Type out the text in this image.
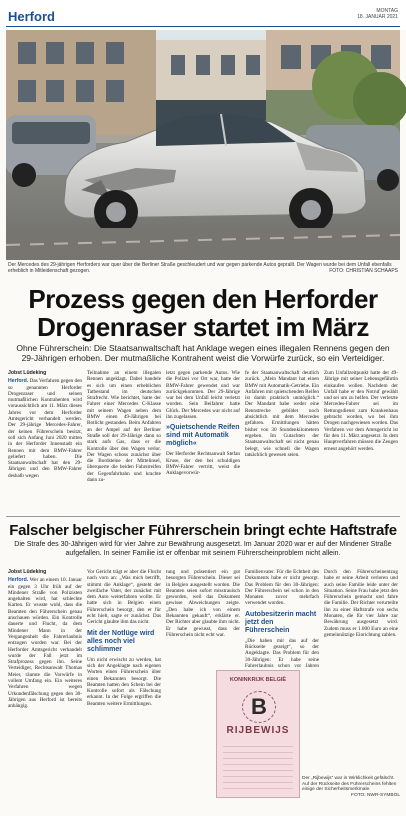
Herford	MONTAG
18. JANUAR 2021
Der Mercedes des 29-jährigen Herforders war quer über die Berliner Straße geschleudert und war gegen parkende Autos geprallt. Der Wagen wurde bei dem Unfall ebenfalls erheblich in Mitleidenschaft gezogen.	FOTO: CHRISTIAN SCHAAPS
Prozess gegen den Herforder Drogenraser startet im März

Ohne Führerschein: Die Staatsanwaltschaft hat Anklage wegen eines illegalen Rennens gegen den 29-Jährigen erhoben. Der mutmaßliche Kontrahent weist die Vorwürfe zurück, so ein Verteidiger.

Jobst Lüdeking
Herford. Das Verfahren gegen den so genannten Herforder Drogenraser und seinen mutmaßlichen Kontrahenten wird voraussichtlich am 11. März dieses Jahres vor dem Herforder Amtsgericht verhandelt werden. Der 29-jährige Mercedes-Fahrer, der keinen Führerschein besitzt, soll sich Anfang Juni 2020 mitten in der Herforder Innenstadt ein Rennen mit dem BMW-Fahrer geliefert haben. Die Staatsanwaltschaft hat den 29-Jährigen und den BMW-Fahrer deshalb wegen
Teilnahme an einem illegalen Rennen angeklagt. Dabei handele es sich um einen erheblichen Tatbestand im deutschen Strafrecht. Wie berichtet, hatte der Fahrer einer Mercedes C-Klasse mit seinem Wagen neben dem BMW einen 49-Jährigen bei Rotlicht gestanden. Beim Anfahren an der Ampel auf der Berliner Straße soll der 29-Jährige dann so stark aufs Gas, dass er die Kontrolle über den Wagen verlor. Der Wagen schoss zunächst über die Bordsteine der Mittelinsel, überquerte die beiden Fahrstreifen der Gegenfahrbahn und krachte dann zu-
letzt gegen parkende Autos. Wie die Polizei vor Ort war, hatte der BMW-Fahrer gewendet und war zurückgekommen. Der 29-Jährige war bei dem Unfall leicht verletzt worden. Sein Beifahrer hatte Glück. Der Mercedes war nicht auf ihn zugelassen.
»Quietschende Reifen sind mit Automatik möglich«
Der Herforder Rechtsanwalt Stefan Kruse, der den bei schuldigen BMW-Fahrer vertritt, weist die Anklagevorwür-
fe der Staatsanwaltschaft deutlich zurück. „Mein Mandant hat einen BMW mit Automatik-Getriebe. Ein Anfahren mit quietschenden Reifen ist damit praktisch unmöglich.“ Der Mandant habe weder eine Rennstrecke gebildet noch absichtlich mit dem Mercedes gefahren. Ermittlungen hätten bisher von 30 Stundenkilometern ergeben. Im Gutachten der Staatsanwaltschaft sei nicht genau belegt, wie schnell die Wagen tatsächlich gewesen seien.
Zum Unfallzeitpunkt hatte der 49-Jährige mit seiner Lebensgefährtin einkaufen wollen. Nachdem der Unfall habe er den Notruf gewählt und sei um zu helfen. Der verletzte Mercedes-Fahrer sei im Rettungsdienst zum Krankenhaus gebracht worden, wo bei ihm Drogen nachgewiesen worden. Das Verfahren vor dem Amtsgericht ist für den 11. März angesetzt. In dem Hauptverfahren müssen die Zeugen erneut angehört werden.
Falscher belgischer Führerschein bringt echte Haftstrafe

Die Strafe des 30-Jährigen wird für vier Jahre zur Bewährung ausgesetzt. Im Januar 2020 war er auf der Mindener Straße aufgefallen. In seiner Familie ist er offenbar mit seinem Führerscheinproblem nicht allein.

Jobst Lüdeking
Herford. Wer an einem 10. Januar ein gegen 3 Uhr früh auf der Mindener Straße von Polizisten angehalten wird, hat schlechte Karten. Er wusste wohl, dass die Beamten den Führerschein genau anschauen würden. Ein Kontrolle dauerte und Flucht, da dem Mindener Mann in der Vergangenheit die Fahrerlaubnis entzogen worden war. Bei der Herforder Amtsgericht verhandelt wurde der Fall jetzt im Strafprozess gegen ihn. Seine Verteidiger, Rechtsanwalt Thomas Meier, räumte die Vorwürfe in vollem Umfang ein. Ein weiteres Verfahren wegen Urkundenfälschung gegen den 30-Jährigen aus Herford ist bereits anhängig.
Vor Gericht trägt er aber die Flucht nach vorn an: „Was mich betrifft, stimmt die Anklage“, gesteht der zweifache Vater, der zunächst mit dem Auto weiterfahren wollte. Er hatte sich in Belgien einen Führerschein besorgt, den er für echt hielt, sagte er zunächst. Das Gericht glaubte ihm das nicht.
Mit der Notlüge wird alles noch viel schlimmer
Um nicht erwischt zu werden, hat sich der Angeklagte nach eigenen Worten einen Führerschein über einen Bekannten besorgt. Die Beamten hatten den Schein bei der Kontrolle sofort als Fälschung erkannt. In der Folge ergriffen die Beamten weitere Ermittlungen.
tung und präsentiert ein gut besorgten Führerschein. Dieser sei in Belgien ausgestellt worden. Die Beamten seien sofort misstrauisch geworden, weil das Dokument gewisse Abweichungen zeigte. „Den habe ich von einem Bekannten gekauft“, erklärte er. Der Richter aber glaubte ihm nicht. Er habe gewusst, dass der Führerschein nicht echt war.
Familienvater. Für die Echtheit des Dokuments habe er nicht gesorgt. Das Problem für den 30-Jährigen: Der Führerschein sei schon in den Monaten zuvor mehrfach verwendet worden.
Autobesitzerin macht jetzt den Führerschein
„Die haben mir das auf der Rückseite gezeigt“, so der Angeklagte. Das Problem für den 30-Jährigen: Er habe seine Fahrerlaubnis schon vor Jahren
Durch den Führerscheinentzug habe er seine Arbeit verloren und auch seine Familie leide unter der Situation. Seine Frau habe jetzt den Führerschein gemacht und fahre die Familie. Der Richter verurteilte ihn zu einer Haftstrafe von sechs Monaten, die für vier Jahre zur Bewährung ausgesetzt wird. Zudem muss er 1.000 Euro an eine gemeinnützige Einrichtung zahlen.
KONINKRIJK BELGIË
B
RIJBEWIJS
Der „Rijbewijs“ war in Wirklichkeit gefälscht. Auf der Rückseite des Führerscheins fehlten einige der Sicherheitsmerkmale.
FOTO: NWR-SYMBOL
